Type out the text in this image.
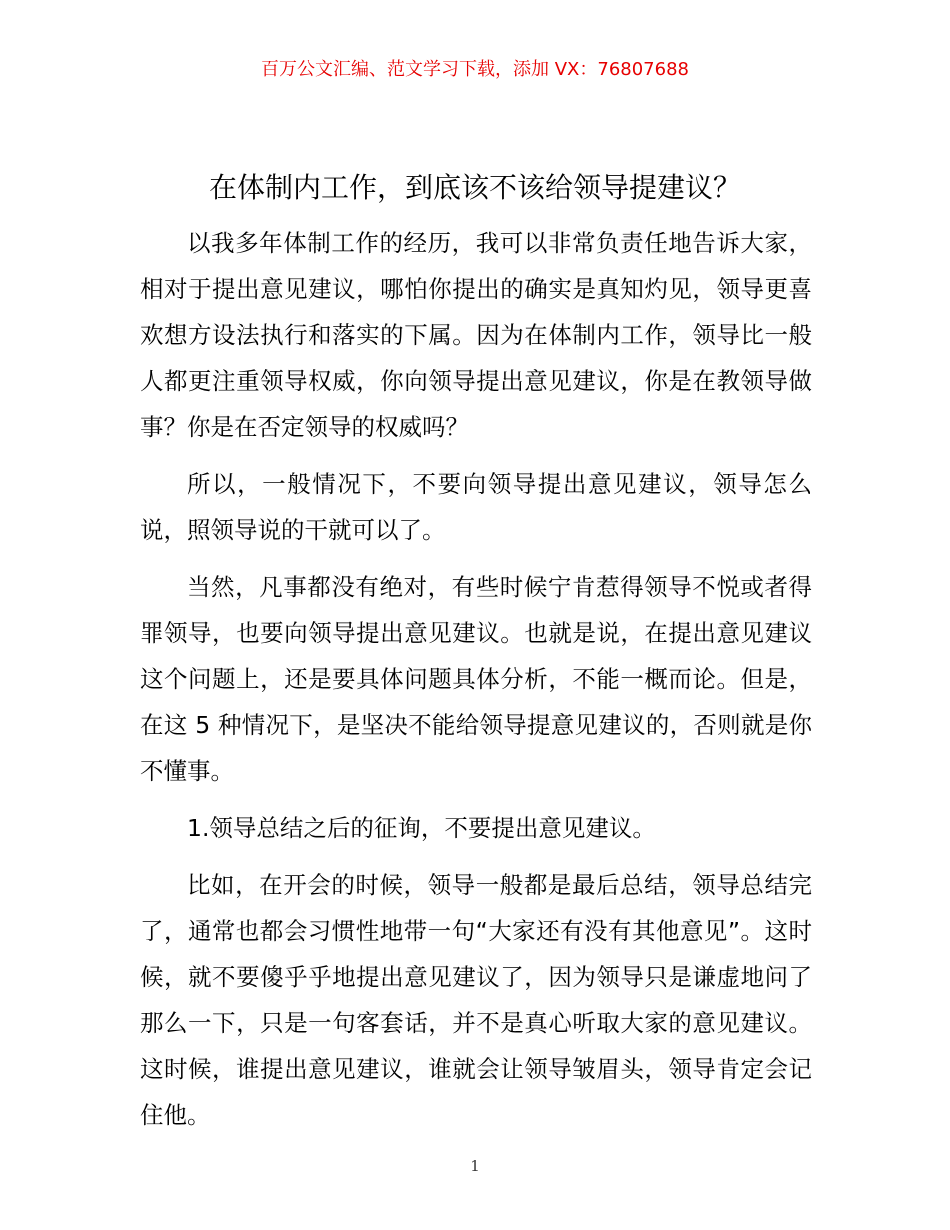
百万公文汇编、范文学习下载，添加 VX：76807688
在体制内工作，到底该不该给领导提建议？

以我多年体制工作的经历，我可以非常负责任地告诉大家，相对于提出意见建议，哪怕你提出的确实是真知灼见，领导更喜欢想方设法执行和落实的下属。因为在体制内工作，领导比一般人都更注重领导权威，你向领导提出意见建议，你是在教领导做事？你是在否定领导的权威吗？

所以，一般情况下，不要向领导提出意见建议，领导怎么说，照领导说的干就可以了。

当然，凡事都没有绝对，有些时候宁肯惹得领导不悦或者得罪领导，也要向领导提出意见建议。也就是说，在提出意见建议这个问题上，还是要具体问题具体分析，不能一概而论。但是，在这 5 种情况下，是坚决不能给领导提意见建议的，否则就是你不懂事。

1.领导总结之后的征询，不要提出意见建议。

比如，在开会的时候，领导一般都是最后总结，领导总结完了，通常也都会习惯性地带一句“大家还有没有其他意见”。这时候，就不要傻乎乎地提出意见建议了，因为领导只是谦虚地问了那么一下，只是一句客套话，并不是真心听取大家的意见建议。这时候，谁提出意见建议，谁就会让领导皱眉头，领导肯定会记住他。

1
